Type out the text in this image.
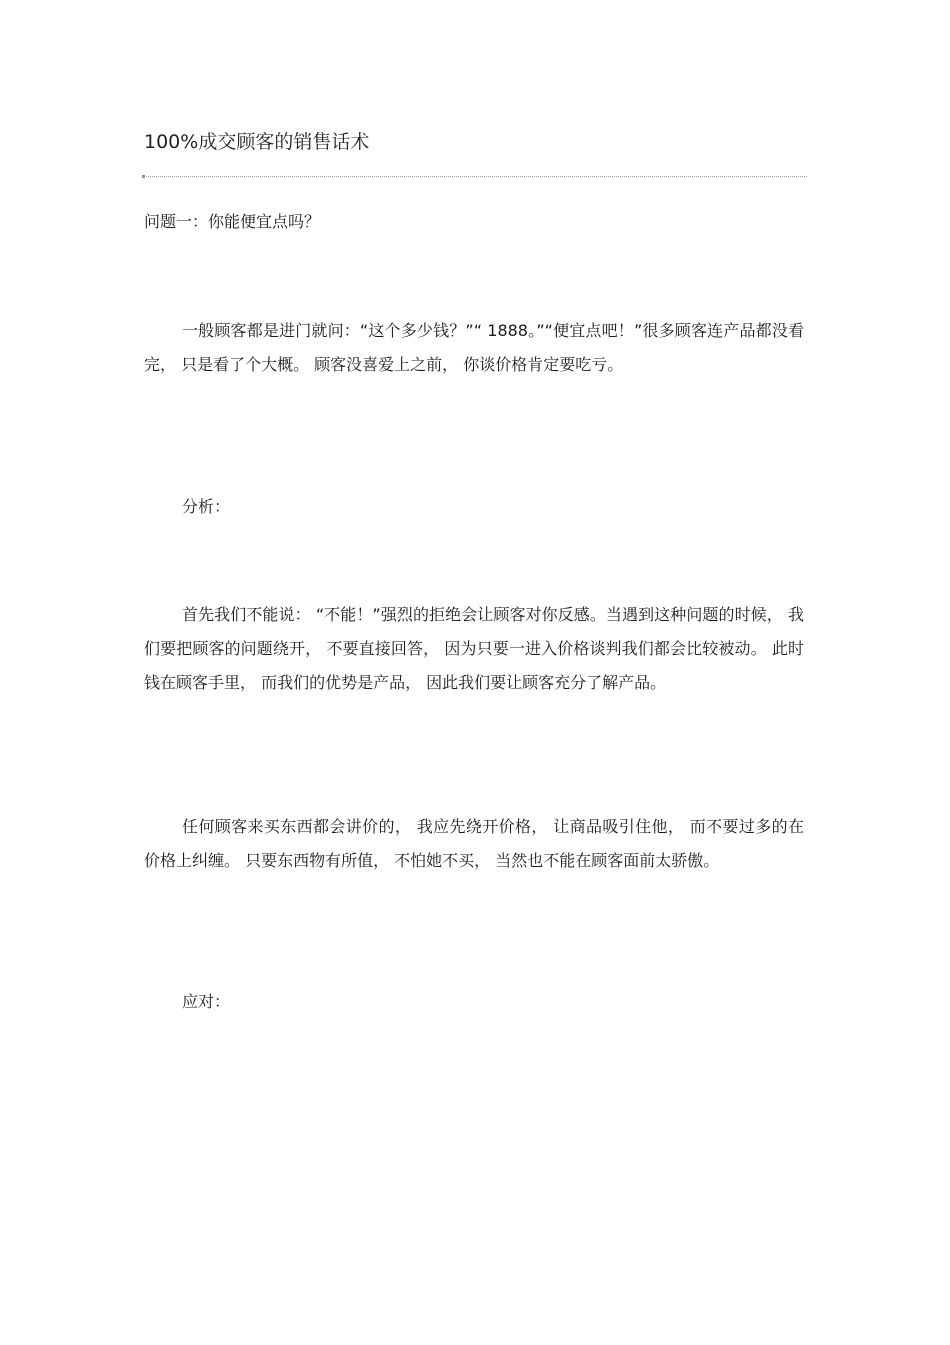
100%成交顾客的销售话术
问题一：你能便宜点吗？

一般顾客都是进门就问：“这个多少钱？”“ 1888。”“便宜点吧！”很多顾客连产品都没看完， 只是看了个大概。 顾客没喜爱上之前， 你谈价格肯定要吃亏。

分析：

首先我们不能说： “不能！”强烈的拒绝会让顾客对你反感。当遇到这种问题的时候， 我们要把顾客的问题绕开， 不要直接回答， 因为只要一进入价格谈判我们都会比较被动。 此时钱在顾客手里， 而我们的优势是产品， 因此我们要让顾客充分了解产品。

任何顾客来买东西都会讲价的， 我应先绕开价格， 让商品吸引住他， 而不要过多的在价格上纠缠。 只要东西物有所值， 不怕她不买， 当然也不能在顾客面前太骄傲。

应对：
